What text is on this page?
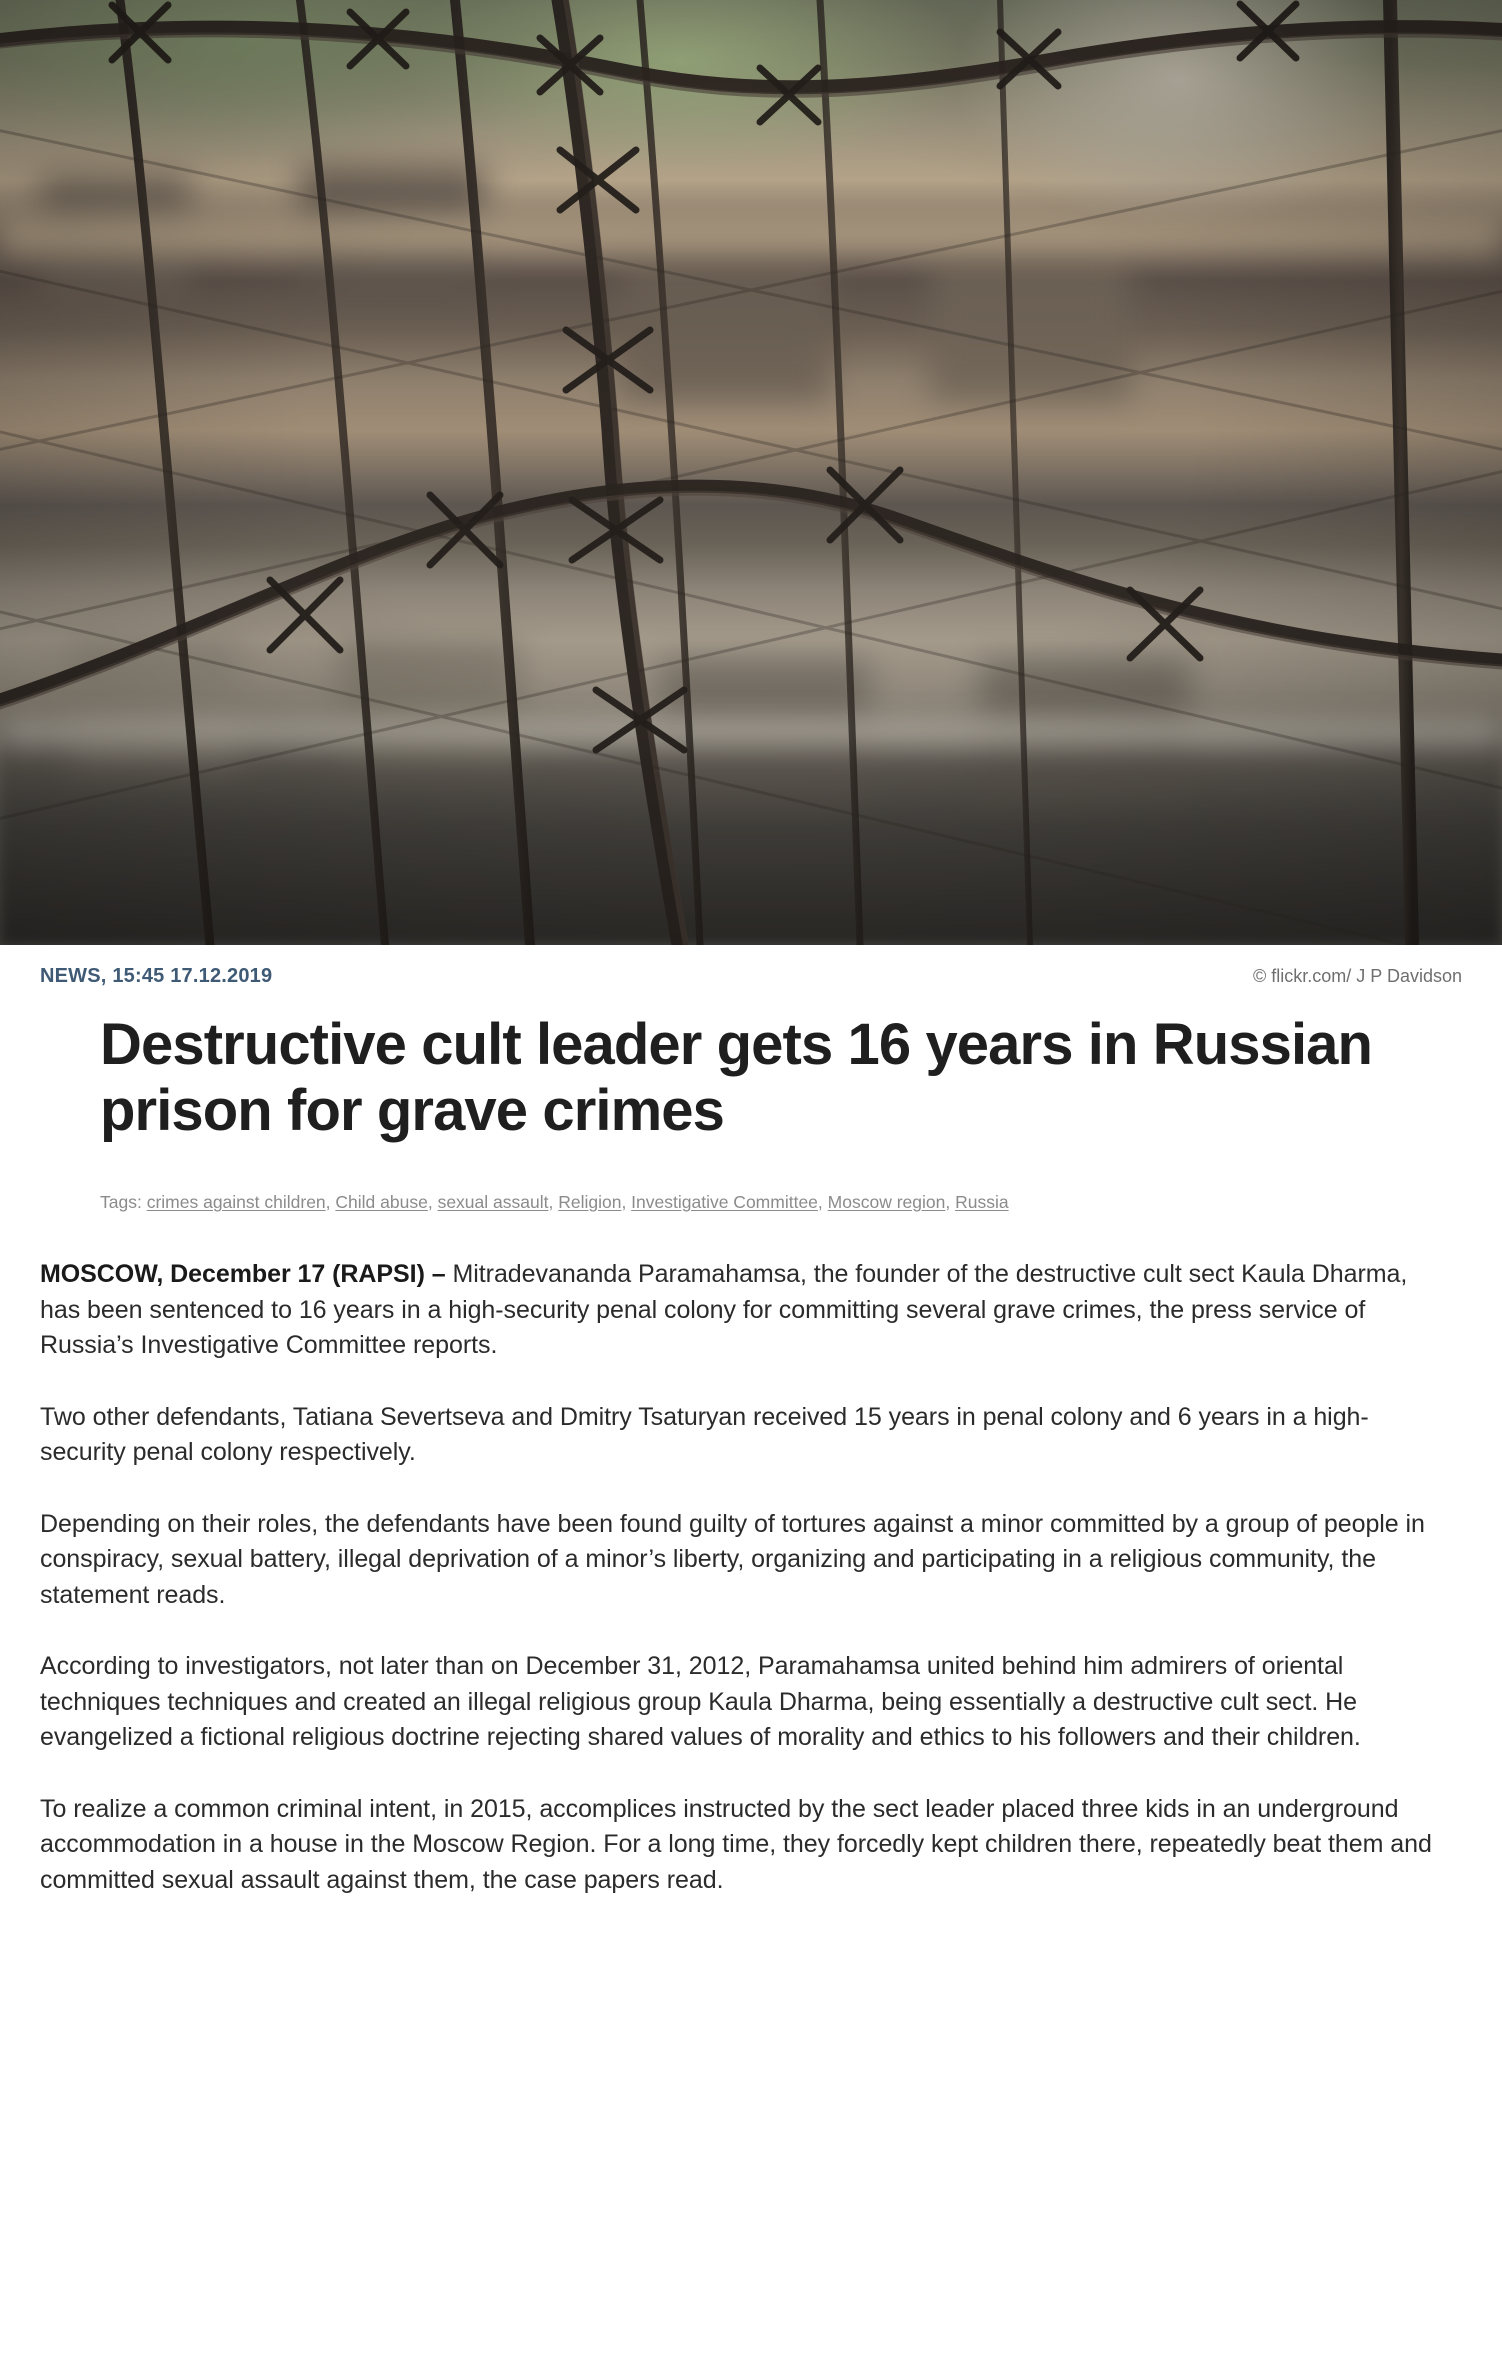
NEWS, 15:45 17.12.2019	© flickr.com/ J P Davidson
Destructive cult leader gets 16 years in Russian prison for grave crimes
Tags: crimes against children, Child abuse, sexual assault, Religion, Investigative Committee, Moscow region, Russia

MOSCOW, December 17 (RAPSI) – Mitradevananda Paramahamsa, the founder of the destructive cult sect Kaula Dharma, has been sentenced to 16 years in a high-security penal colony for committing several grave crimes, the press service of Russia’s Investigative Committee reports.

Two other defendants, Tatiana Severtseva and Dmitry Tsaturyan received 15 years in penal colony and 6 years in a high-security penal colony respectively.

Depending on their roles, the defendants have been found guilty of tortures against a minor committed by a group of people in conspiracy, sexual battery, illegal deprivation of a minor’s liberty, organizing and participating in a religious community, the statement reads.

According to investigators, not later than on December 31, 2012, Paramahamsa united behind him admirers of oriental techniques techniques and created an illegal religious group Kaula Dharma, being essentially a destructive cult sect. He evangelized a fictional religious doctrine rejecting shared values of morality and ethics to his followers and their children.

To realize a common criminal intent, in 2015, accomplices instructed by the sect leader placed three kids in an underground accommodation in a house in the Moscow Region. For a long time, they forcedly kept children there, repeatedly beat them and committed sexual assault against them, the case papers read.
